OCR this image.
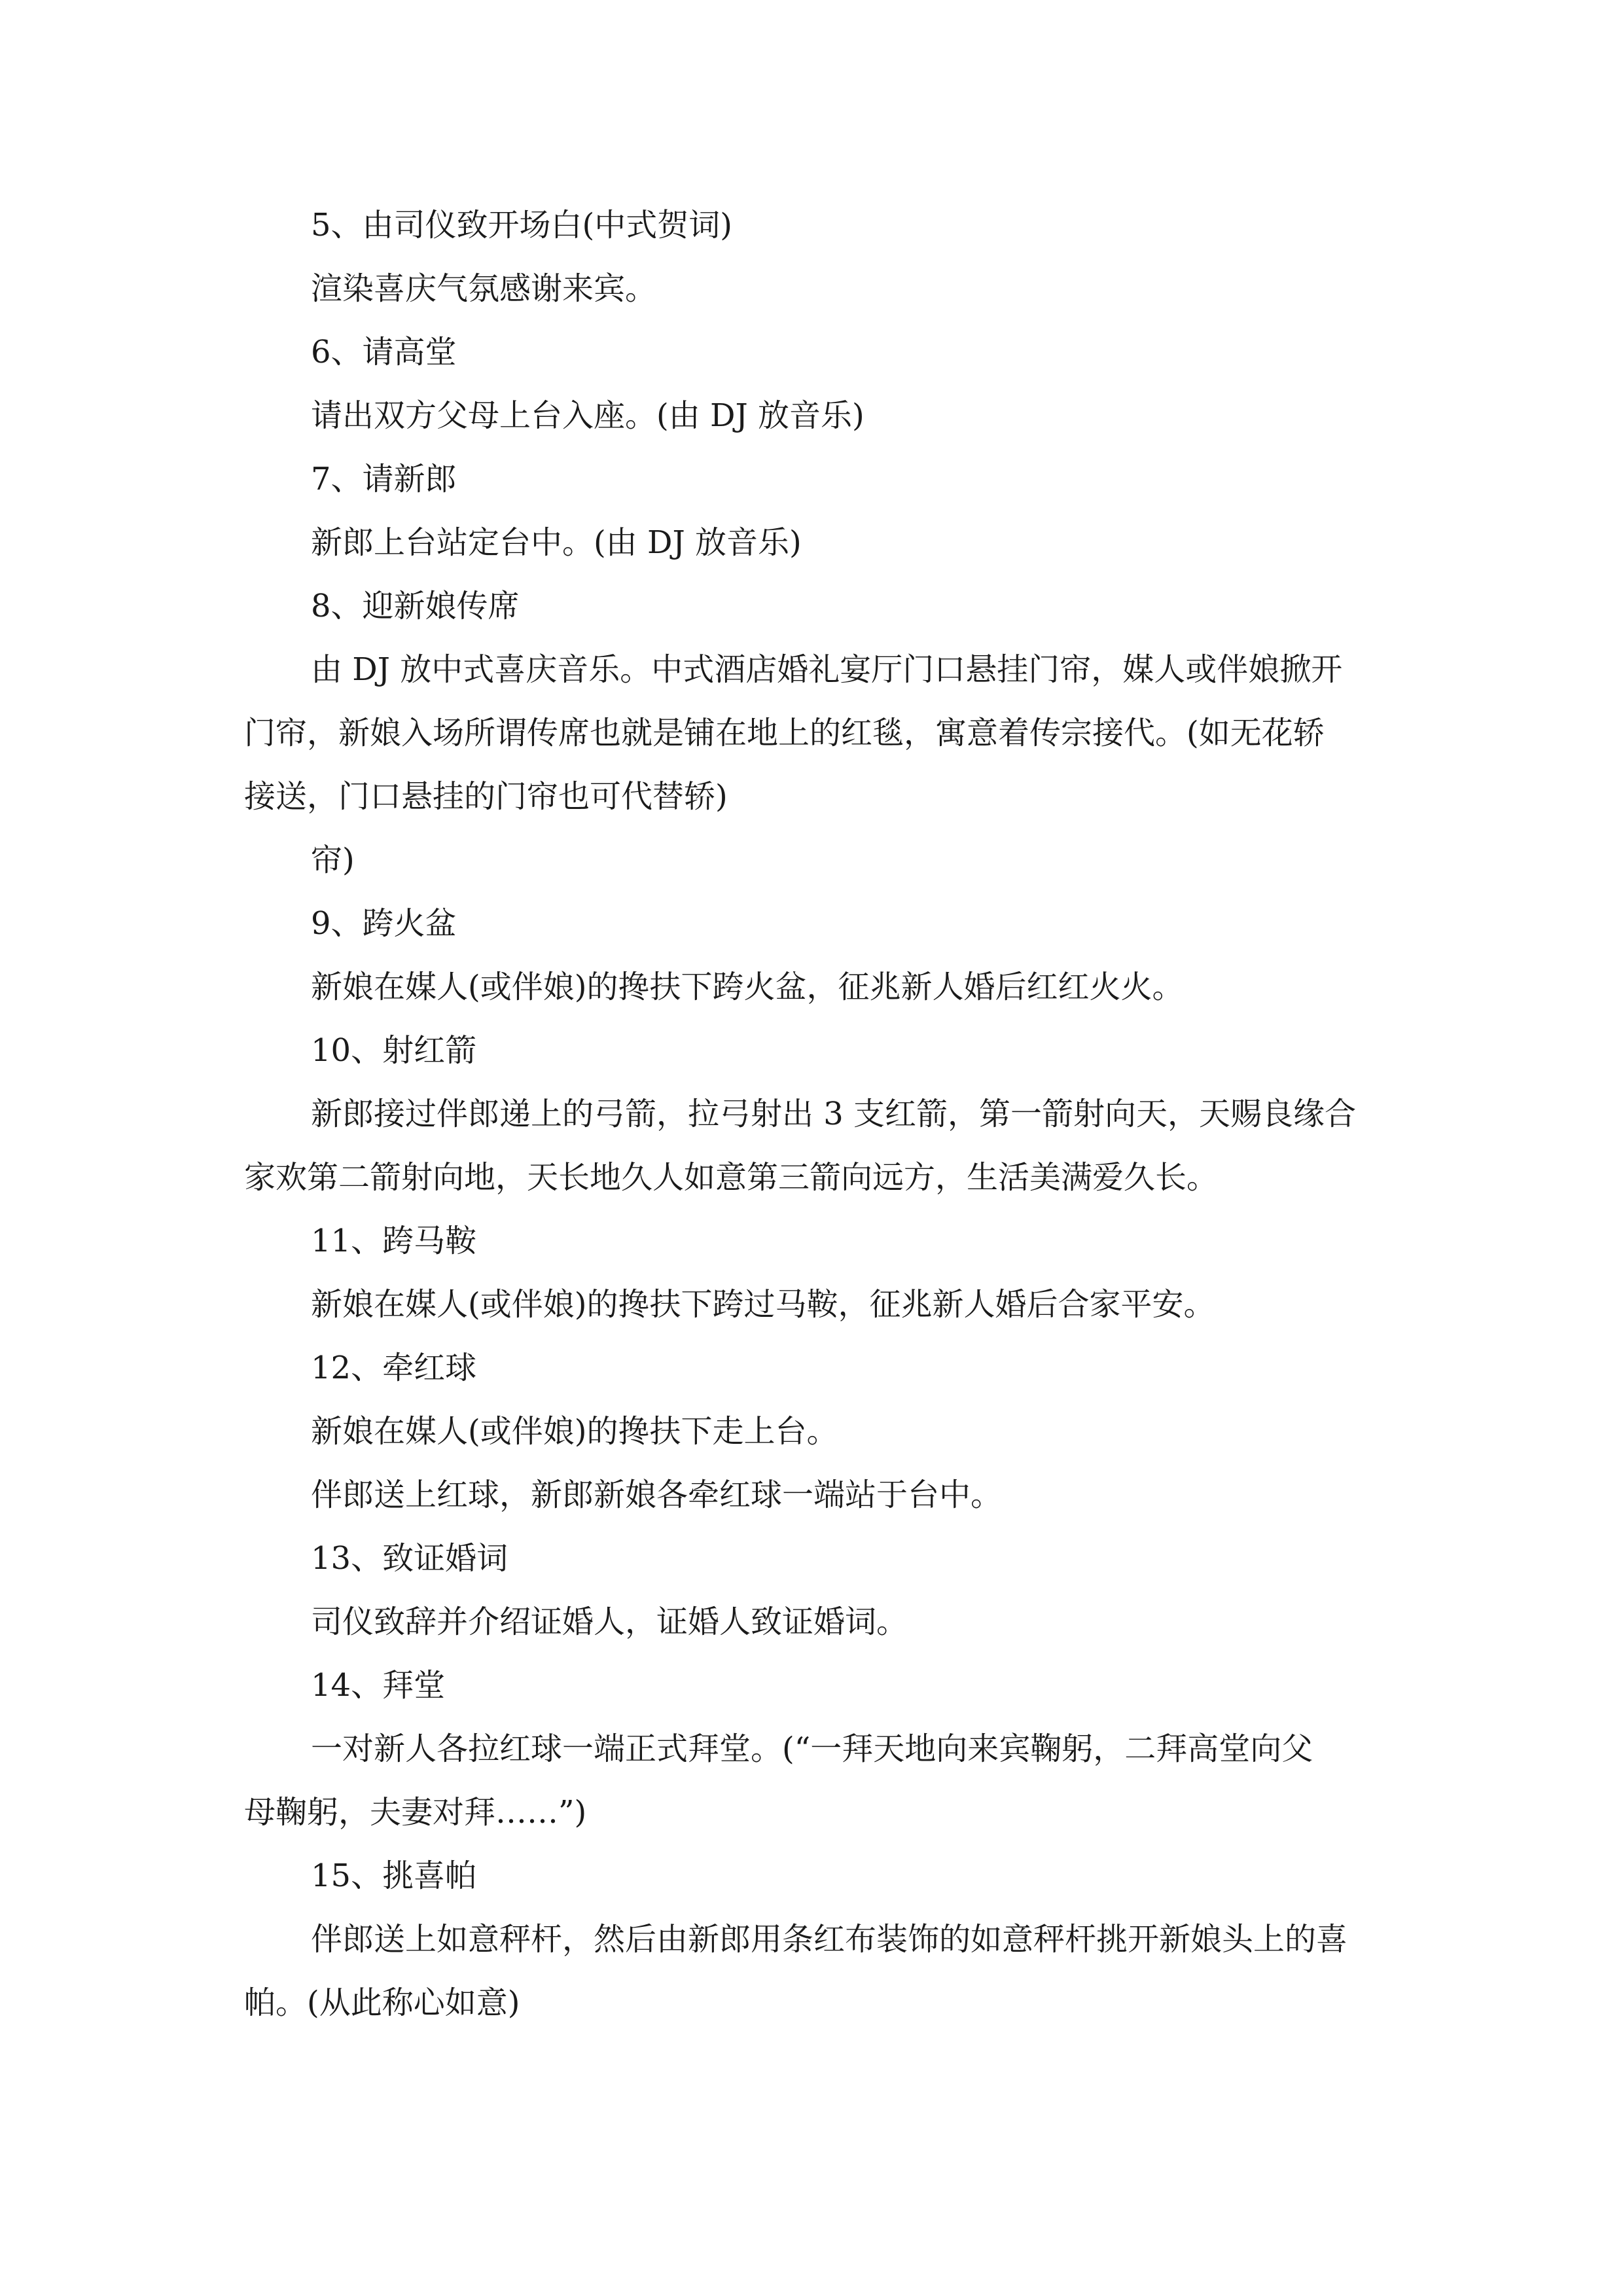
5、由司仪致开场白(中式贺词)
渲染喜庆气氛感谢来宾。
6、请高堂
请出双方父母上台入座。(由 DJ 放音乐)
7、请新郎
新郎上台站定台中。(由 DJ 放音乐)
8、迎新娘传席
由 DJ 放中式喜庆音乐。中式酒店婚礼宴厅门口悬挂门帘，媒人或伴娘掀开
门帘，新娘入场所谓传席也就是铺在地上的红毯，寓意着传宗接代。(如无花轿
接送，门口悬挂的门帘也可代替轿)
帘)
9、跨火盆
新娘在媒人(或伴娘)的搀扶下跨火盆，征兆新人婚后红红火火。
10、射红箭
新郎接过伴郎递上的弓箭，拉弓射出 3 支红箭，第一箭射向天，天赐良缘合
家欢第二箭射向地，天长地久人如意第三箭向远方，生活美满爱久长。
11、跨马鞍
新娘在媒人(或伴娘)的搀扶下跨过马鞍，征兆新人婚后合家平安。
12、牵红球
新娘在媒人(或伴娘)的搀扶下走上台。
伴郎送上红球，新郎新娘各牵红球一端站于台中。
13、致证婚词
司仪致辞并介绍证婚人，证婚人致证婚词。
14、拜堂
一对新人各拉红球一端正式拜堂。(“一拜天地向来宾鞠躬，二拜高堂向父
母鞠躬，夫妻对拜……”)
15、挑喜帕
伴郎送上如意秤杆，然后由新郎用条红布装饰的如意秤杆挑开新娘头上的喜
帕。(从此称心如意)
